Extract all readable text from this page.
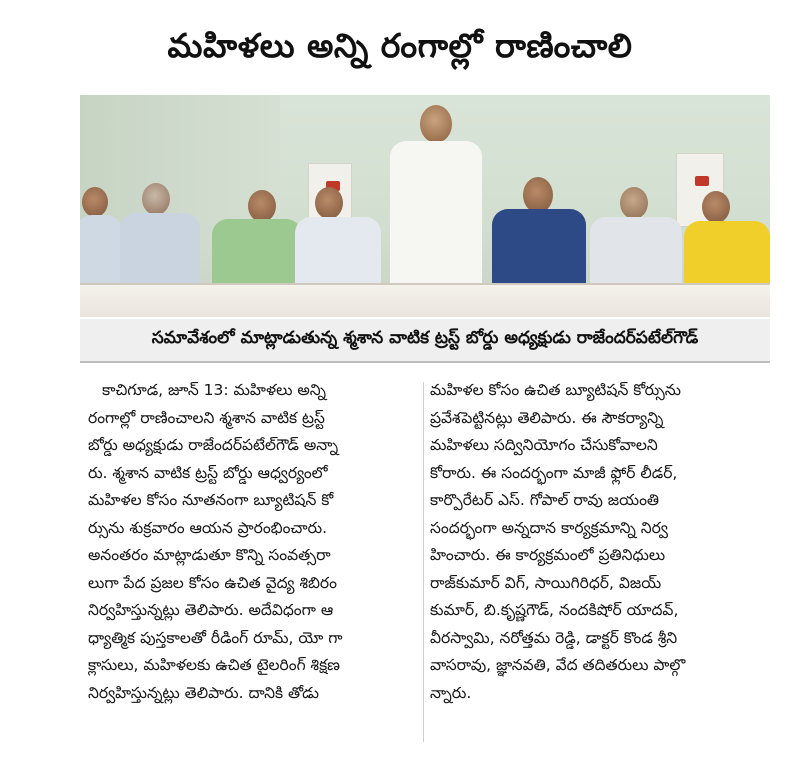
మహిళలు అన్ని రంగాల్లో రాణించాలి
సమావేశంలో మాట్లాడుతున్న శ్మశాన వాటిక ట్రస్ట్ బోర్డు అధ్యక్షుడు రాజేందర్‌పటేల్‌గౌడ్
కాచిగూడ, జూన్ 13: మహిళలు అన్ని
రంగాల్లో రాణించాలని శ్మశాన వాటిక ట్రస్ట్
బోర్డు అధ్యక్షుడు రాజేందర్‌పటేల్‌గౌడ్ అన్నా
రు. శ్మశాన వాటిక ట్రస్ట్ బోర్డు ఆధ్వర్యంలో
మహిళల కోసం నూతనంగా బ్యూటిషన్ కో
ర్సును శుక్రవారం ఆయన ప్రారంభించారు.
అనంతరం మాట్లాడుతూ కొన్ని సంవత్సరా
లుగా పేద ప్రజల కోసం ఉచిత వైద్య శిబిరం
నిర్వహిస్తున్నట్లు తెలిపారు. అదేవిధంగా ఆ
ధ్యాత్మిక పుస్తకాలతో రీడింగ్ రూమ్, యో గా
క్లాసులు, మహిళలకు ఉచిత టైలరింగ్ శిక్షణ
నిర్వహిస్తున్నట్లు తెలిపారు. దానికి తోడు
మహిళల కోసం ఉచిత బ్యూటిషన్ కోర్సును
ప్రవేశపెట్టినట్లు తెలిపారు. ఈ సౌకర్యాన్ని
మహిళలు సద్వినియోగం చేసుకోవాలని
కోరారు. ఈ సందర్భంగా మాజీ ఫ్లోర్ లీడర్,
కార్పొరేటర్ ఎస్. గోపాల్ రావు జయంతి
సందర్భంగా అన్నదాన కార్యక్రమాన్ని నిర్వ
హించారు. ఈ కార్యక్రమంలో ప్రతినిధులు
రాజ్‌కుమార్ విగ్, సాయిగిరిధర్, విజయ్
కుమార్, బి.కృష్ణగౌడ్, నందకిషోర్ యాదవ్,
వీరస్వామి, నరోత్తమ రెడ్డి, డాక్టర్ కొండ శ్రీని
వాసరావు, జ్ఞానవతి, వేద తదితరులు పాల్గొ
న్నారు.
